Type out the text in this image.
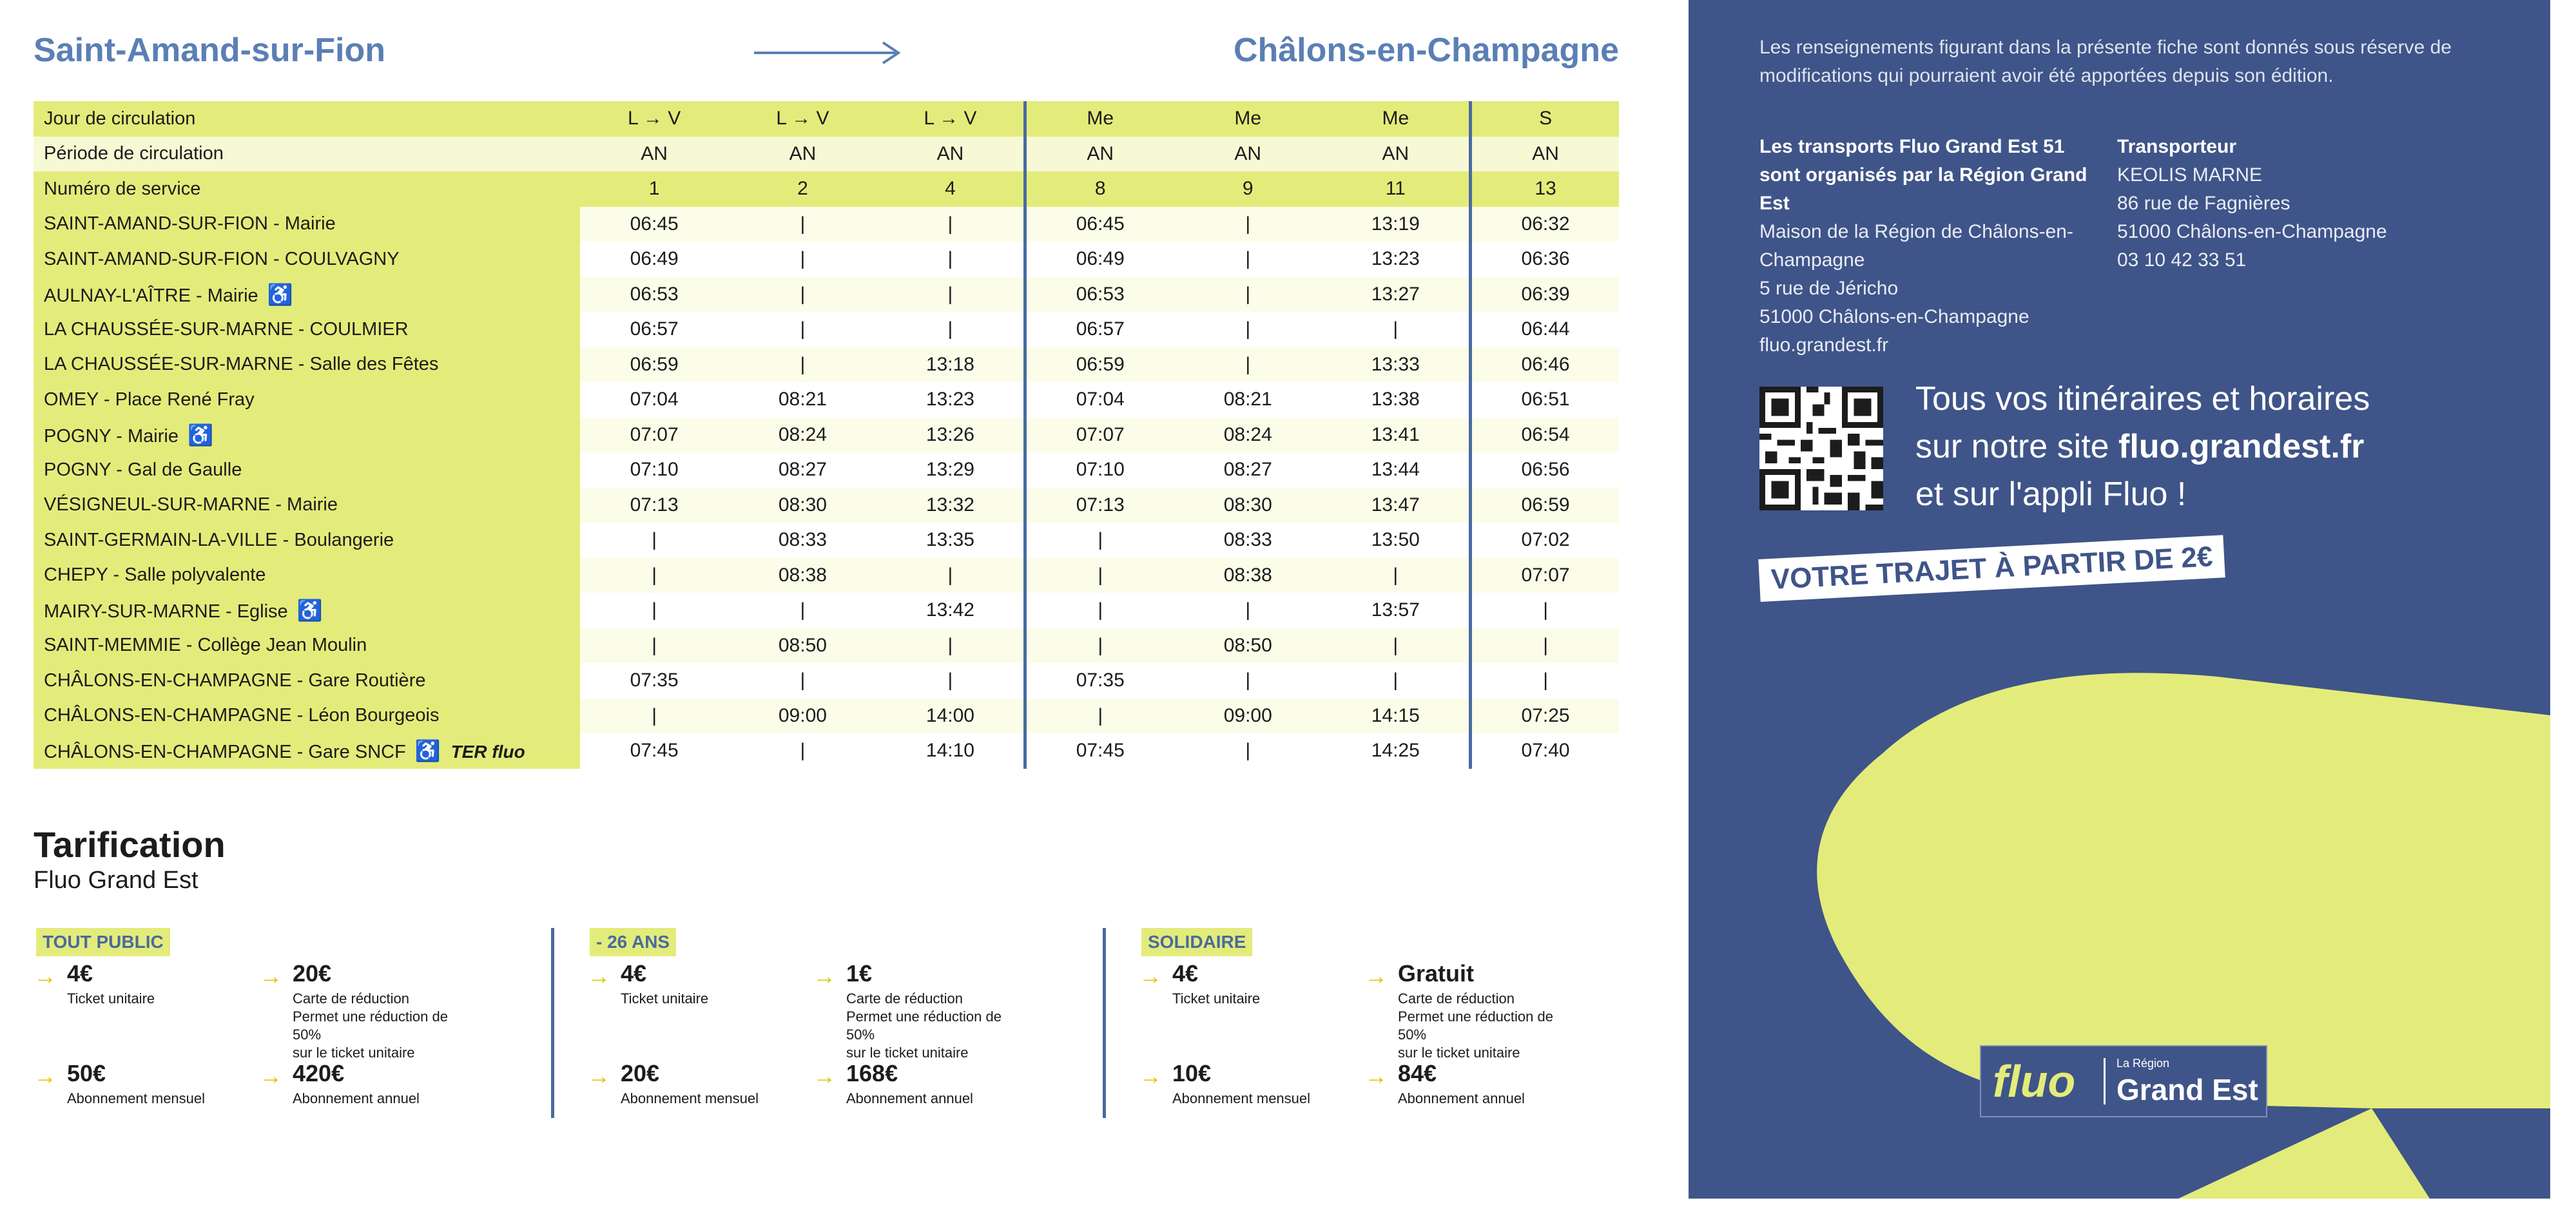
Saint-Amand-sur-Fion	Châlons-en-Champagne
Jour de circulation	L → V	L → V	L → V	Me	Me	Me	S
Période de circulation	AN	AN	AN	AN	AN	AN	AN
Numéro de service	1	2	4	8	9	11	13
SAINT-AMAND-SUR-FION - Mairie	06:45	|	|	06:45	|	13:19	06:32
SAINT-AMAND-SUR-FION - COULVAGNY	06:49	|	|	06:49	|	13:23	06:36
AULNAY-L'AÎTRE - Mairie ♿	06:53	|	|	06:53	|	13:27	06:39
LA CHAUSSÉE-SUR-MARNE - COULMIER	06:57	|	|	06:57	|	|	06:44
LA CHAUSSÉE-SUR-MARNE - Salle des Fêtes	06:59	|	13:18	06:59	|	13:33	06:46
OMEY - Place René Fray	07:04	08:21	13:23	07:04	08:21	13:38	06:51
POGNY - Mairie ♿	07:07	08:24	13:26	07:07	08:24	13:41	06:54
POGNY - Gal de Gaulle	07:10	08:27	13:29	07:10	08:27	13:44	06:56
VÉSIGNEUL-SUR-MARNE - Mairie	07:13	08:30	13:32	07:13	08:30	13:47	06:59
SAINT-GERMAIN-LA-VILLE - Boulangerie	|	08:33	13:35	|	08:33	13:50	07:02
CHEPY - Salle polyvalente	|	08:38	|	|	08:38	|	07:07
MAIRY-SUR-MARNE - Eglise ♿	|	|	13:42	|	|	13:57	|
SAINT-MEMMIE - Collège Jean Moulin	|	08:50	|	|	08:50	|	|
CHÂLONS-EN-CHAMPAGNE - Gare Routière	07:35	|	|	07:35	|	|	|
CHÂLONS-EN-CHAMPAGNE - Léon Bourgeois	|	09:00	14:00	|	09:00	14:15	07:25
CHÂLONS-EN-CHAMPAGNE - Gare SNCF ♿ TER fluo	07:45	|	14:10	07:45	|	14:25	07:40
Tarification
Fluo Grand Est
TOUT PUBLIC
→ 4€
Ticket unitaire
→ 20€
Carte de réduction
Permet une réduction de 50%
sur le ticket unitaire
→ 50€
Abonnement mensuel
→ 420€
Abonnement annuel
- 26 ANS
→ 4€
Ticket unitaire
→ 1€
Carte de réduction
Permet une réduction de 50%
sur le ticket unitaire
→ 20€
Abonnement mensuel
→ 168€
Abonnement annuel
SOLIDAIRE
→ 4€
Ticket unitaire
→ Gratuit
Carte de réduction
Permet une réduction de 50%
sur le ticket unitaire
→ 10€
Abonnement mensuel
→ 84€
Abonnement annuel
Les renseignements figurant dans la présente fiche sont donnés sous réserve de modifications qui pourraient avoir été apportées depuis son édition.
Les transports Fluo Grand Est 51 sont organisés par la Région Grand Est
Maison de la Région de Châlons-en-Champagne
5 rue de Jéricho
51000 Châlons-en-Champagne
fluo.grandest.fr
Transporteur
KEOLIS MARNE
86 rue de Fagnières
51000 Châlons-en-Champagne
03 10 42 33 51
Tous vos itinéraires et horaires
sur notre site fluo.grandest.fr
et sur l'appli Fluo !
VOTRE TRAJET À PARTIR DE 2€
fluo	La Région
Grand Est
